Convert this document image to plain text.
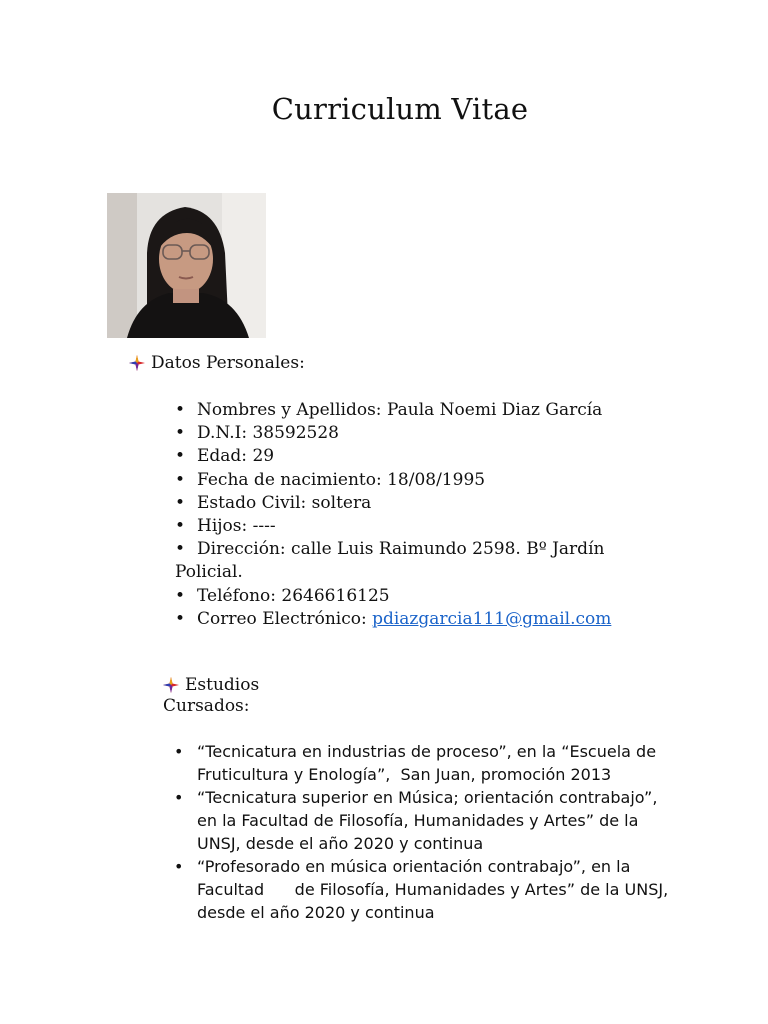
Curriculum Vitae
Datos Personales:
• Nombres y Apellidos: Paula Noemi Diaz García
• D.N.I: 38592528
• Edad: 29
• Fecha de nacimiento: 18/08/1995
• Estado Civil: soltera
• Hijos: ----
• Dirección: calle Luis Raimundo 2598. Bº Jardín Policial.
• Teléfono: 2646616125
• Correo Electrónico: pdiazgarcia111@gmail.com
Estudios
Cursados:
• “Tecnicatura en industrias de proceso”, en la “Escuela de Fruticultura y Enología”,  San Juan, promoción 2013
• “Tecnicatura superior en Música; orientación contrabajo”, en la Facultad de Filosofía, Humanidades y Artes” de la UNSJ, desde el año 2020 y continua
• “Profesorado en música orientación contrabajo”, en la Facultad      de Filosofía, Humanidades y Artes” de la UNSJ, desde el año 2020 y continua
